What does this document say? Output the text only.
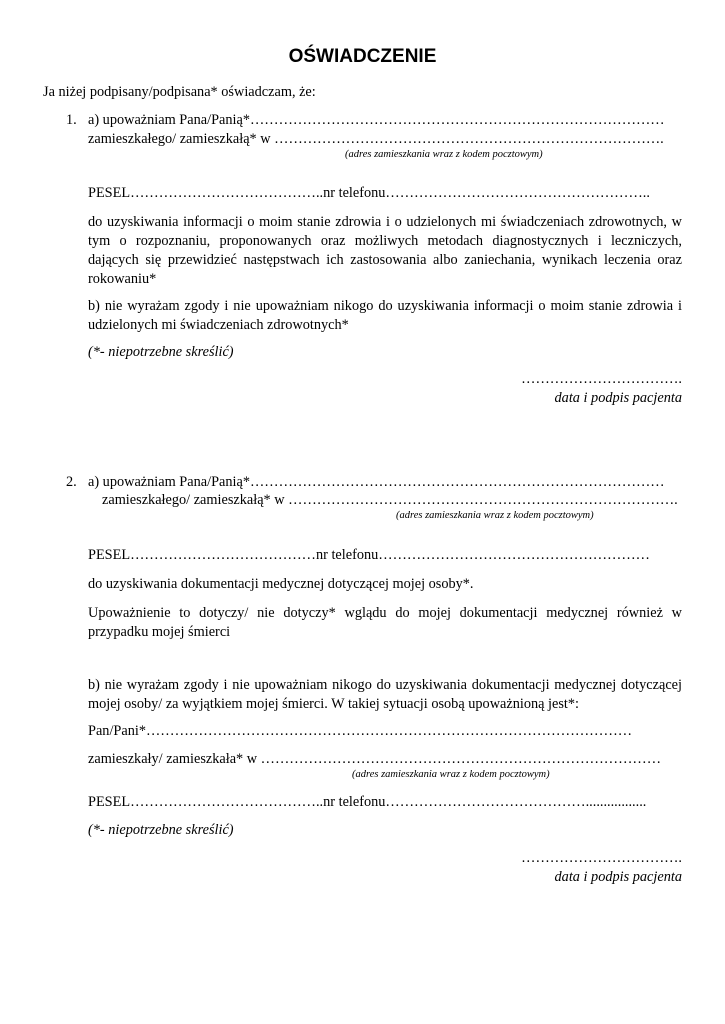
OŚWIADCZENIE
Ja niżej podpisany/podpisana* oświadczam, że:
1. a) upoważniam Pana/Panią*……………………………………………………………………………
zamieszkałego/ zamieszkałą* w ……………………………………………………………………….
(adres zamieszkania wraz z kodem pocztowym)
PESEL…………………………………..nr telefonu………………………………………………..
do uzyskiwania informacji o moim stanie zdrowia i o udzielonych mi świadczeniach zdrowotnych, w tym o rozpoznaniu, proponowanych oraz możliwych metodach diagnostycznych i leczniczych, dających się przewidzieć następstwach ich zastosowania albo zaniechania, wynikach leczenia oraz rokowaniu*
b) nie wyrażam zgody i nie upoważniam nikogo do uzyskiwania informacji o moim stanie zdrowia i udzielonych mi świadczeniach zdrowotnych*
(*- niepotrzebne skreślić)
…………………………….
data i podpis pacjenta
2. a) upoważniam Pana/Panią*……………………………………………………………………………
zamieszkałego/ zamieszkałą* w ……………………………………………………………………….
(adres zamieszkania wraz z kodem pocztowym)
PESEL…………………………………nr telefonu…………………………………………………
do uzyskiwania dokumentacji medycznej dotyczącej mojej osoby*.
Upoważnienie to dotyczy/ nie dotyczy* wglądu do mojej dokumentacji medycznej również w przypadku mojej śmierci
b) nie wyrażam zgody i nie upoważniam nikogo do uzyskiwania dokumentacji medycznej dotyczącej mojej osoby/ za wyjątkiem mojej śmierci. W takiej sytuacji osobą upoważnioną jest*:
Pan/Pani*…………………………………………………………………………………………
zamieszkały/ zamieszkała* w …………………………………………………………………………
(adres zamieszkania wraz z kodem pocztowym)
PESEL…………………………………..nr telefonu…………………………………….................
(*- niepotrzebne skreślić)
…………………………….
data i podpis pacjenta
